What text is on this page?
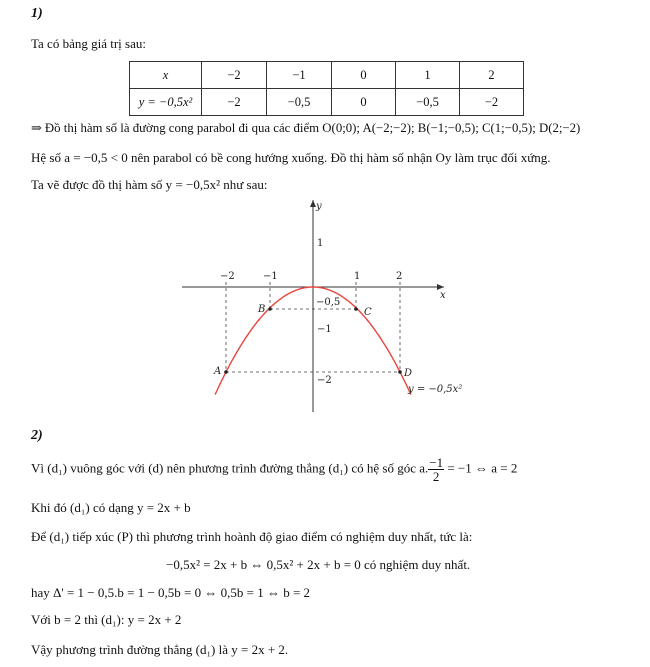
1)
Ta có bảng giá trị sau:
x	−2	−1	0	1	2
y = −0,5x²	−2	−0,5	0	−0,5	−2
⇒ Đồ thị hàm số là đường cong parabol đi qua các điểm O(0;0); A(−2;−2); B(−1;−0,5); C(1;−0,5); D(2;−2)
Hệ số a = −0,5 < 0 nên parabol có bề cong hướng xuống. Đồ thị hàm số nhận Oy làm trục đối xứng.
Ta vẽ được đồ thị hàm số y = −0,5x² như sau:
x
y
−2	−1	1	2
1
−0,5
−1
−2
A
B	C
D
y = −0,5x²
2)
Vì (d₁) vuông góc với (d) nên phương trình đường thẳng (d₁) có hệ số góc a. $\frac{-1}{2} = -1$ ⇔ a = 2
Khi đó (d₁) có dạng y = 2x + b
Để (d₁) tiếp xúc (P) thì phương trình hoành độ giao điểm có nghiệm duy nhất, tức là:
−0,5x² = 2x + b ⇔ 0,5x² + 2x + b = 0 có nghiệm duy nhất.
hay Δ' = 1 − 0,5.b = 1 − 0,5b = 0 ⇔ 0,5b = 1 ⇔ b = 2
Với b = 2 thì (d₁): y = 2x + 2
Vậy phương trình đường thẳng (d₁) là y = 2x + 2.
